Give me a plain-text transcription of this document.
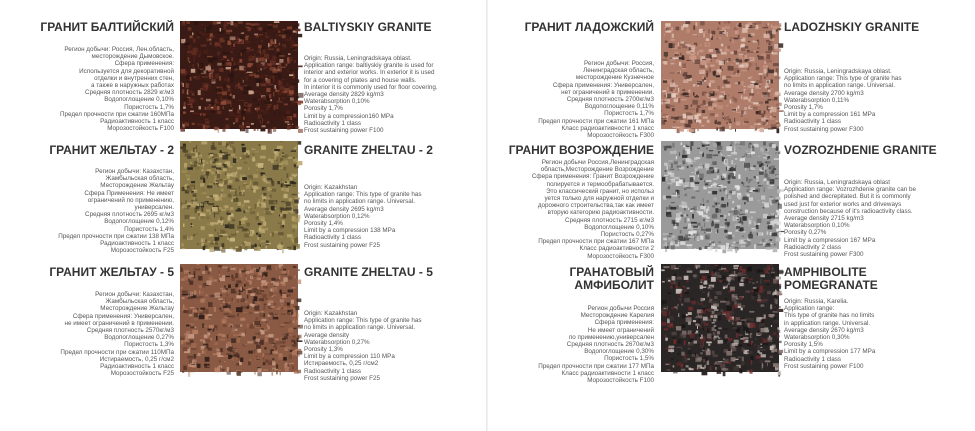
ГРАНИТ БАЛТИЙСКИЙ
Регион добычи: Россия, Лен.область,
месторождение Дымовское.
Сфера применения:
Используется для декоративной
отделки и внутренних стен,
а также в наружных работах
Средняя плотность 2829 кг/м3
Водопоглощение 0,10%
Пористость 1,7%
Предел прочности при сжатии 160МПа
Радиоактивность 1 класс
Морозостойкость F100
BALTIYSKIY GRANITE
Origin: Russia, Leningradskaya oblast.
Application range: baltiyskiy granite is used for
interior and exterior works. In exterior it is used
for a covering of plates and house walls.
In interior it is commonly used for floor covering.
Average density 2829 kg/m3
Waterabsorption 0,10%
Porosity 1,7%
Limit by a compression160 MPa
Radioactivity 1 class
Frost sustaining power F100
ГРАНИТ ЖЕЛЬТАУ - 2
Регион добычи: Казахстан,
Жамбыльская область,
Месторождение Жельтау
Сфера Применения: Не имеет
ограничений по применению,
универсален.
Средняя плотность 2695 кг/м3
Водопоглощение 0,12%
Пористость 1,4%
Предел прочности при сжатии 138 МПа
Радиоактивность 1 класс
Морозостойкость F25
GRANITE ZHELTAU - 2
Origin: Kazakhstan
Application range: This type of granite has
no limits in application range. Universal.
Average density 2695 kg/m3
Waterabsorption 0,12%
Porosity 1,4%
Limit by a compression 138 MPa
Radioactivity 1 class
Frost sustaining power F25
ГРАНИТ ЖЕЛЬТАУ - 5
Регион добычи: Казахстан,
Жамбыльская область,
Месторождение Жельтау
Сфера применения: Универсален,
не имеет ограничений в применении.
Средняя плотность 2570кг/м3
Водопоглощение 0,27%
Пористость 1,3%
Предел прочности при сжатии 110МПа
Истираемость, 0,25 г/см2
Радиоактивность 1 класс
Морозостойкость F25
GRANITE ZHELTAU - 5
Origin: Kazakhstan
Application range: This type of granite has
no limits in application range. Universal.
Average density
Waterabsorption 0,27%
Porosity 1,3%
Limit by a compression 110 MPa
Истираемость, 0,25 г/см2
Radioactivity 1 class
Frost sustaining power F25
ГРАНИТ ЛАДОЖСКИЙ
Регион добычи: Россия,
Ленинградская область,
месторождение Кузнечное
Сфера применения: Универсален,
нет ограничений в применении.
Средняя плотность 2700кг/м3
Водопоглощение 0,11%
Пористость 1,7%
Предел прочности при сжатии 161 МПа
Класс радиоактивности 1 класс
Морозостойкость F300
LADOZHSKIY GRANITE
Origin: Russia, Leningradskaya oblast.
Application range: This type of granite has
no limits in application range. Universal.
Average density 2700 kg/m3
Waterabsorption 0,11%
Porosity 1,7%
Limit by a compression 161 MPa
Radioactivity 1 class
Frost sustaining power F300
ГРАНИТ ВОЗРОЖДЕНИЕ
Регион добычи Россия,Ленинградская
область,Месторождение Возрождение
Сфера применения: Гранит Возрождение
полируется и термообрабатывается.
Это классический гранит, но использ
уется только для наружной отделки и
дорожного строительства,так как имеет
вторую категорию радиоактивности.
Средняя плотность 2715 кг/м3
Водопоглощение 0,10%
Пористость 0,27%
Предел прочности при сжатии 167 МПа
Класс радиоактивности 2
Морозостойкость F300
VOZROZHDENIE GRANITE
Origin: Russia, Leningradskaya oblast
Application range: Vozrozhdenie granite can be
polished and decrepitated. But it is commonly
used just for exterior works and driveways
construction because of it's radioactivity class.
Average density 2715 kg/m3
Waterabsorption 0,10%
Porosity 0,27%
Limit by a compression 167 MPa
Radioactivity 2 class
Frost sustaining power F300
ГРАНАТОВЫЙ
АМФИБОЛИТ
Регион добычи Россия
Месторождение Карелия
Сфера применения:
Не имеет ограничений
по применению,универсален
Средняя плотность 2670кг/м3
Водопоглощение 0,30%
Пористость 1,5%
Предел прочности при сжатии 177 МПа
Класс радиоактивности 1 класс
Морозостойкость F100
AMPHIBOLITE
POMEGRANATE
Origin: Russia, Karelia.
Application range:
This type of granite has no limits
in application range. Universal.
Average density 2670 kg/m3
Waterabsorption 0,30%
Porosity 1,5%
Limit by a compression 177 MPa
Radioactivity 1 class
Frost sustaining power F100
